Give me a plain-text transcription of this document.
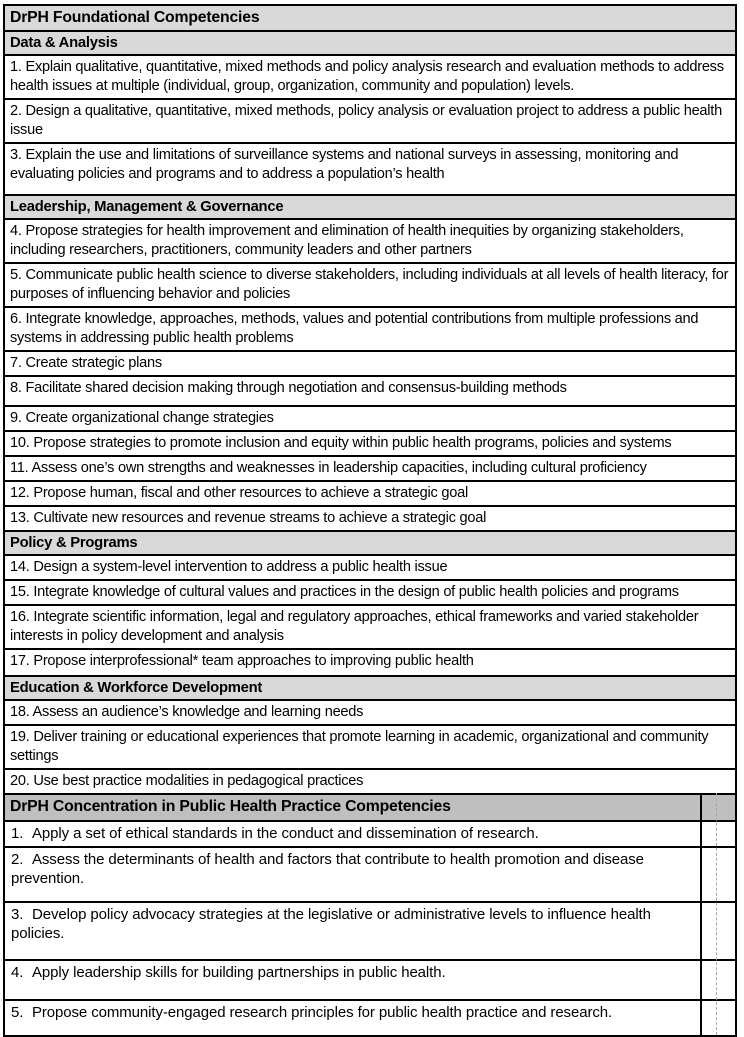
DrPH Foundational Competencies
Data & Analysis
1. Explain qualitative, quantitative, mixed methods and policy analysis research and evaluation methods to address health issues at multiple (individual, group, organization, community and population) levels.
2. Design a qualitative, quantitative, mixed methods, policy analysis or evaluation project to address a public health issue
3. Explain the use and limitations of surveillance systems and national surveys in assessing, monitoring and evaluating policies and programs and to address a population’s health
Leadership, Management & Governance
4. Propose strategies for health improvement and elimination of health inequities by organizing stakeholders, including researchers, practitioners, community leaders and other partners
5. Communicate public health science to diverse stakeholders, including individuals at all levels of health literacy, for purposes of influencing behavior and policies
6. Integrate knowledge, approaches, methods, values and potential contributions from multiple professions and systems in addressing public health problems
7. Create strategic plans
8. Facilitate shared decision making through negotiation and consensus-building methods
9. Create organizational change strategies
10. Propose strategies to promote inclusion and equity within public health programs, policies and systems
11. Assess one’s own strengths and weaknesses in leadership capacities, including cultural proficiency
12. Propose human, fiscal and other resources to achieve a strategic goal
13. Cultivate new resources and revenue streams to achieve a strategic goal
Policy & Programs
14. Design a system-level intervention to address a public health issue
15. Integrate knowledge of cultural values and practices in the design of public health policies and programs
16. Integrate scientific information, legal and regulatory approaches, ethical frameworks and varied stakeholder interests in policy development and analysis
17. Propose interprofessional* team approaches to improving public health
Education & Workforce Development
18. Assess an audience’s knowledge and learning needs
19. Deliver training or educational experiences that promote learning in academic, organizational and community settings
20. Use best practice modalities in pedagogical practices
DrPH Concentration in Public Health Practice Competencies
1. Apply a set of ethical standards in the conduct and dissemination of research.
2. Assess the determinants of health and factors that contribute to health promotion and disease prevention.
3. Develop policy advocacy strategies at the legislative or administrative levels to influence health policies.
4. Apply leadership skills for building partnerships in public health.
5. Propose community-engaged research principles for public health practice and research.
